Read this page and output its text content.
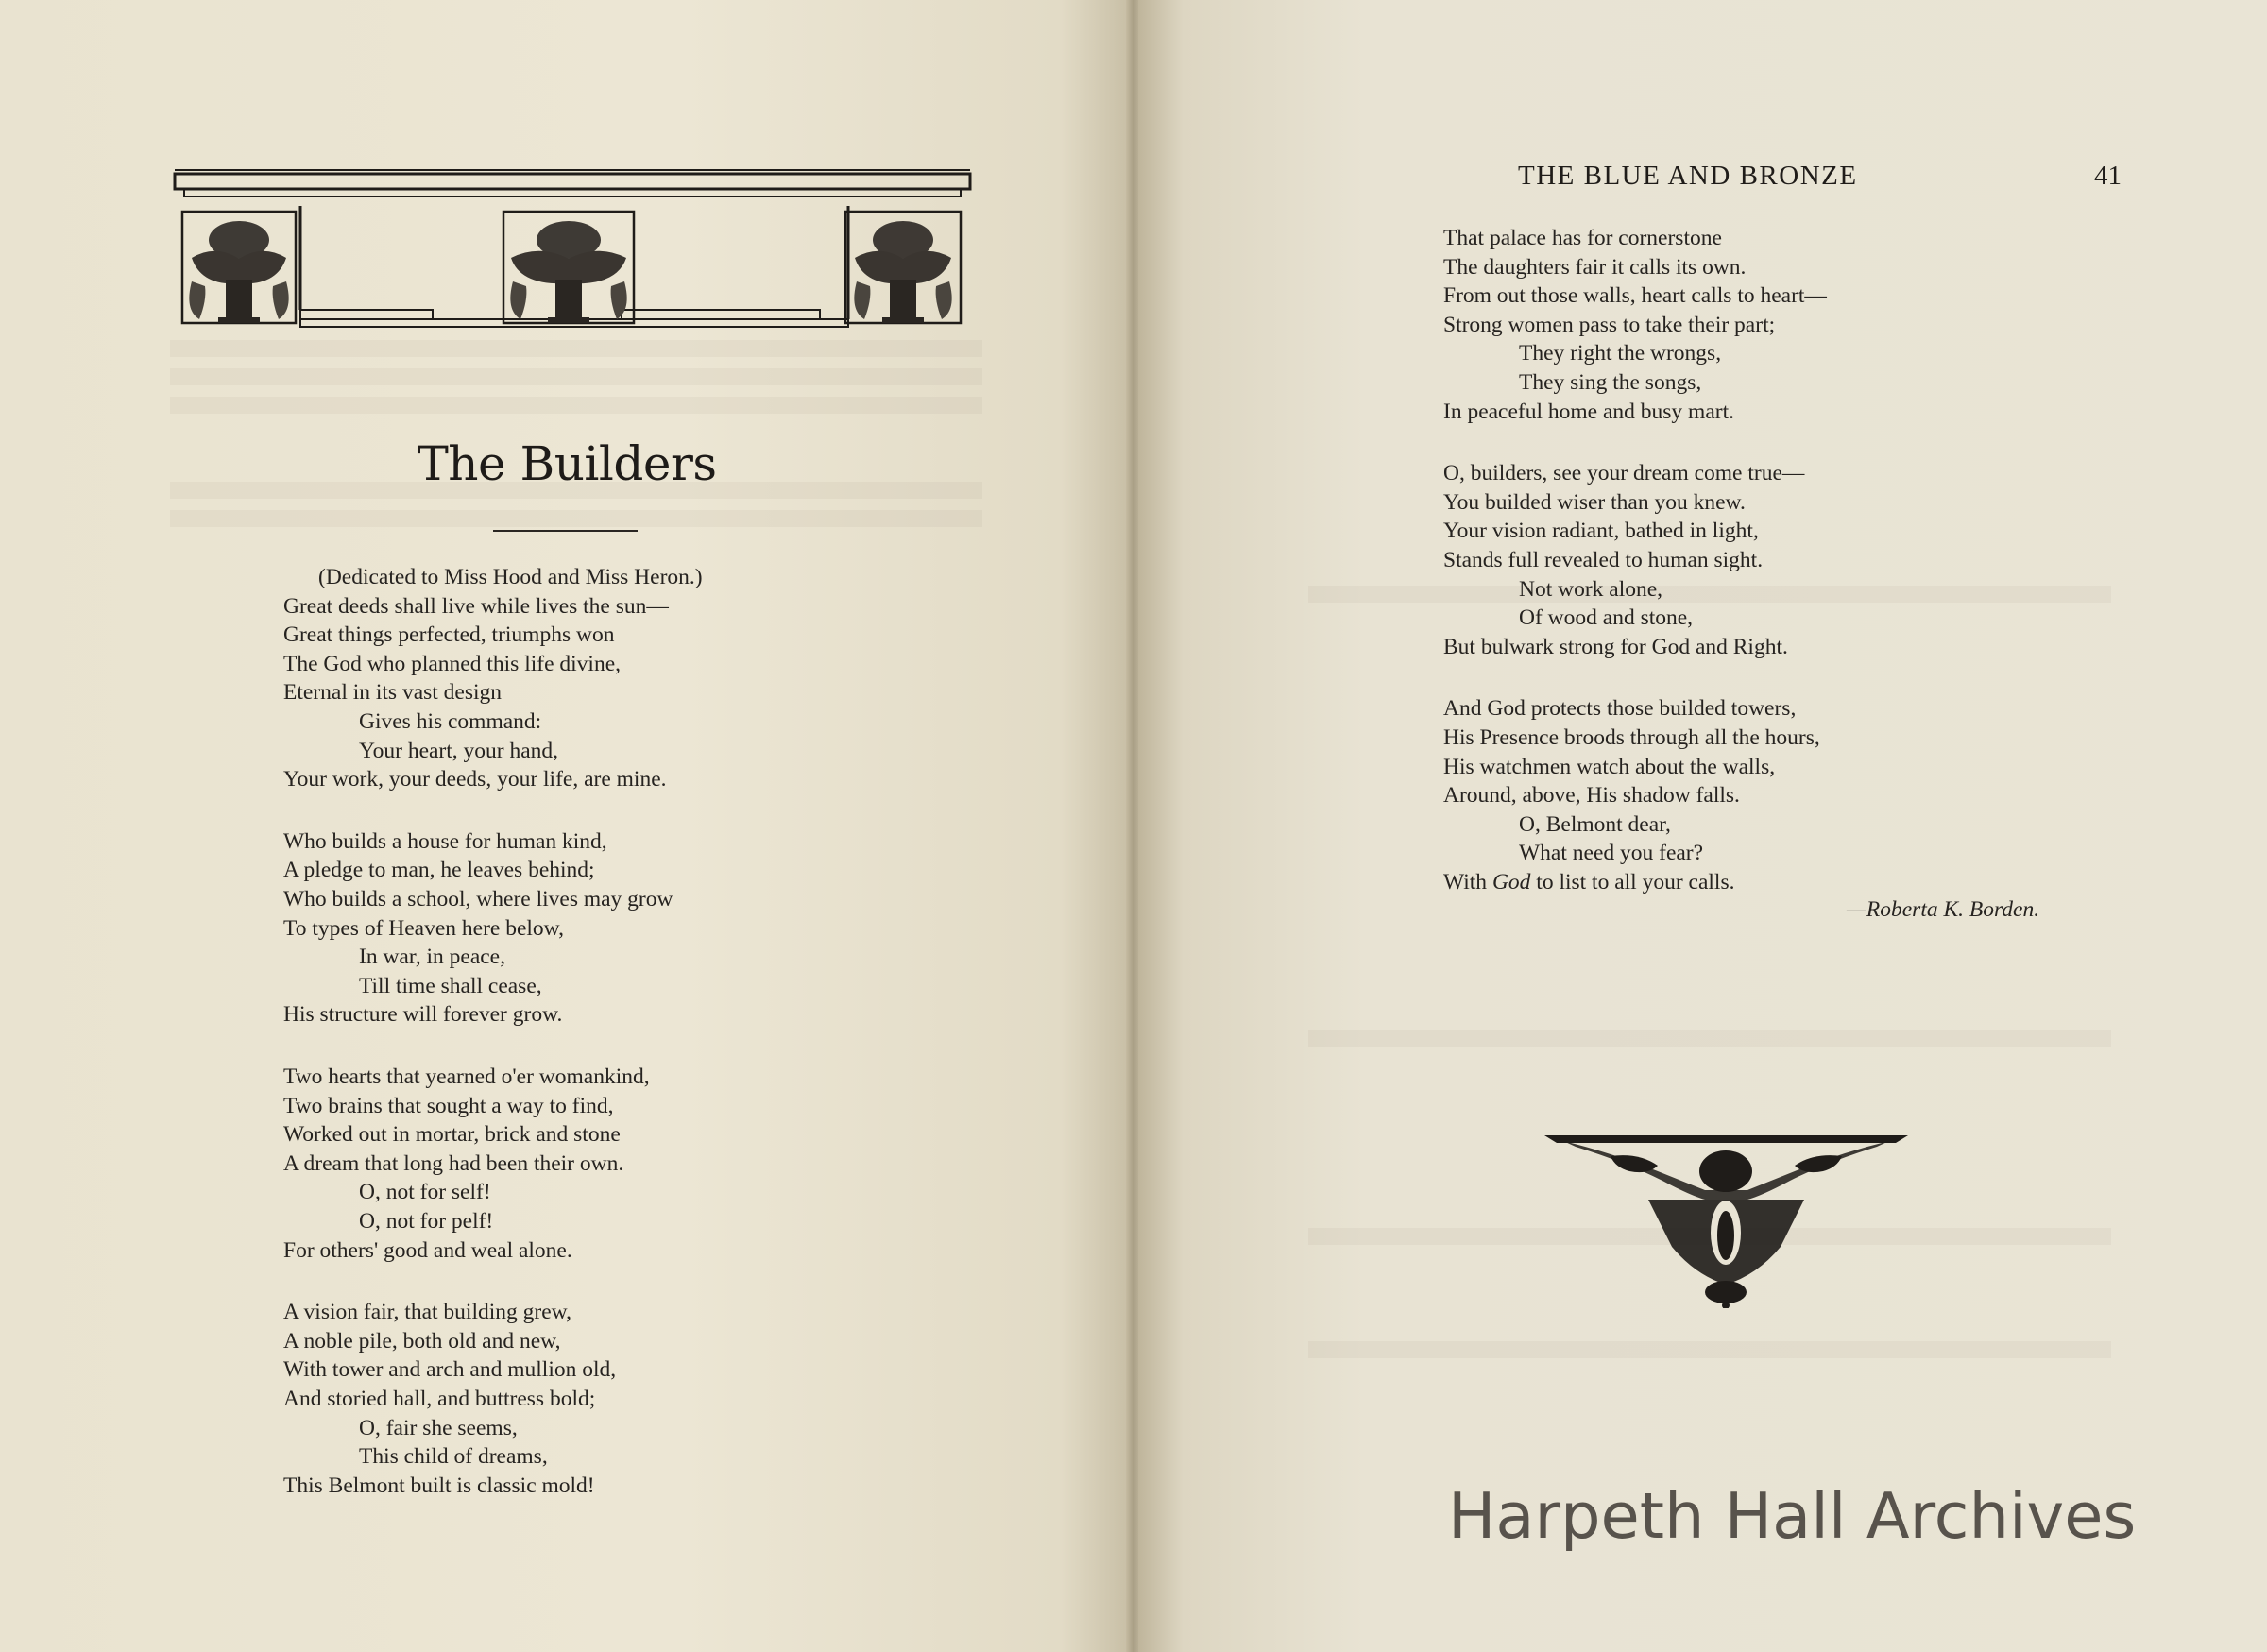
The Builders
(Dedicated to Miss Hood and Miss Heron.)
Great deeds shall live while lives the sun—
Great things perfected, triumphs won
The God who planned this life divine,
Eternal in its vast design
Gives his command:
Your heart, your hand,
Your work, your deeds, your life, are mine.
Who builds a house for human kind,
A pledge to man, he leaves behind;
Who builds a school, where lives may grow
To types of Heaven here below,
In war, in peace,
Till time shall cease,
His structure will forever grow.
Two hearts that yearned o'er womankind,
Two brains that sought a way to find,
Worked out in mortar, brick and stone
A dream that long had been their own.
O, not for self!
O, not for pelf!
For others' good and weal alone.
A vision fair, that building grew,
A noble pile, both old and new,
With tower and arch and mullion old,
And storied hall, and buttress bold;
O, fair she seems,
This child of dreams,
This Belmont built is classic mold!
THE BLUE AND BRONZE	41
That palace has for cornerstone
The daughters fair it calls its own.
From out those walls, heart calls to heart—
Strong women pass to take their part;
They right the wrongs,
They sing the songs,
In peaceful home and busy mart.
O, builders, see your dream come true—
You builded wiser than you knew.
Your vision radiant, bathed in light,
Stands full revealed to human sight.
Not work alone,
Of wood and stone,
But bulwark strong for God and Right.
And God protects those builded towers,
His Presence broods through all the hours,
His watchmen watch about the walls,
Around, above, His shadow falls.
O, Belmont dear,
What need you fear?
With God to list to all your calls.
—Roberta K. Borden.
Harpeth Hall Archives
